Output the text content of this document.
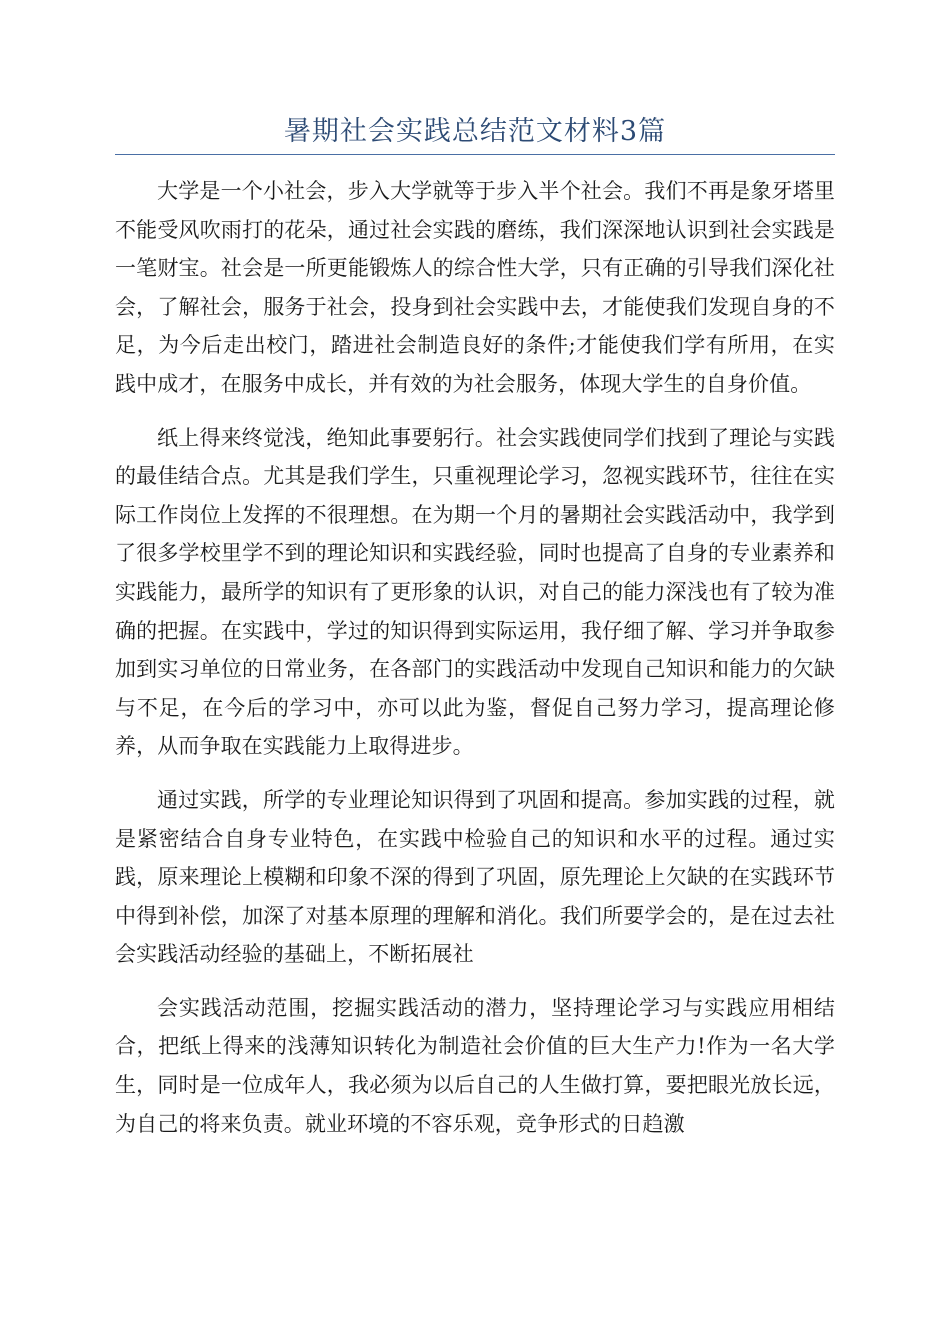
暑期社会实践总结范文材料3篇

大学是一个小社会，步入大学就等于步入半个社会。我们不再是象牙塔里不能受风吹雨打的花朵，通过社会实践的磨练，我们深深地认识到社会实践是一笔财宝。社会是一所更能锻炼人的综合性大学，只有正确的引导我们深化社会，了解社会，服务于社会，投身到社会实践中去，才能使我们发现自身的不足，为今后走出校门，踏进社会制造良好的条件;才能使我们学有所用，在实践中成才，在服务中成长，并有效的为社会服务，体现大学生的自身价值。

纸上得来终觉浅，绝知此事要躬行。社会实践使同学们找到了理论与实践的最佳结合点。尤其是我们学生，只重视理论学习，忽视实践环节，往往在实际工作岗位上发挥的不很理想。在为期一个月的暑期社会实践活动中，我学到了很多学校里学不到的理论知识和实践经验，同时也提高了自身的专业素养和实践能力，最所学的知识有了更形象的认识，对自己的能力深浅也有了较为准确的把握。在实践中，学过的知识得到实际运用，我仔细了解、学习并争取参加到实习单位的日常业务，在各部门的实践活动中发现自己知识和能力的欠缺与不足，在今后的学习中，亦可以此为鉴，督促自己努力学习，提高理论修养，从而争取在实践能力上取得进步。

通过实践，所学的专业理论知识得到了巩固和提高。参加实践的过程，就是紧密结合自身专业特色，在实践中检验自己的知识和水平的过程。通过实践，原来理论上模糊和印象不深的得到了巩固，原先理论上欠缺的在实践环节中得到补偿，加深了对基本原理的理解和消化。我们所要学会的，是在过去社会实践活动经验的基础上，不断拓展社

会实践活动范围，挖掘实践活动的潜力，坚持理论学习与实践应用相结合，把纸上得来的浅薄知识转化为制造社会价值的巨大生产力!作为一名大学生，同时是一位成年人，我必须为以后自己的人生做打算，要把眼光放长远，为自己的将来负责。就业环境的不容乐观，竞争形式的日趋激
